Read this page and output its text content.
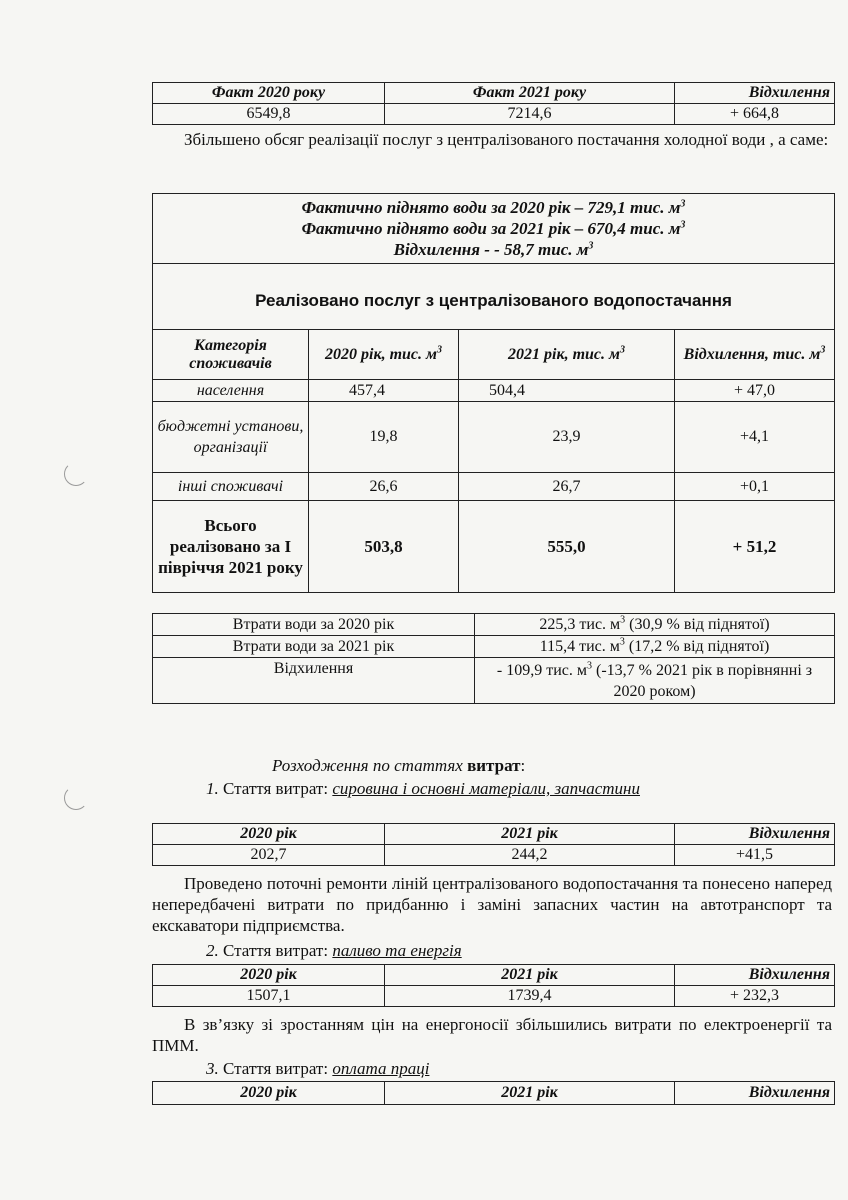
Факт 2020 року	Факт 2021 року	Відхилення
6549,8	7214,6	+ 664,8

Збільшено обсяг реалізації послуг з централізованого постачання холодної води , а саме:

Фактично піднято води за 2020 рік – 729,1 тис. $м^3$
Фактично піднято води за 2021 рік – 670,4 тис. $м^3$
Відхилення - - 58,7 тис. $м^3$

Реалізовано послуг з централізованого водопостачання			
Категорія споживачів	2020 рік, тис. $м^3$	2021 рік, тис. $м^3$	Відхилення, тис. $м^3$
населення	457,4	504,4	+ 47,0
бюджетні установи, організації	19,8	23,9	+4,1
інші споживачі	26,6	26,7	+0,1
Всього реалізовано за І півріччя 2021 року	503,8	555,0	+ 51,2
Втрати води за 2020 рік	225,3 тис. $м^3$ (30,9 % від піднятої)
Втрати води за 2021 рік	115,4 тис. $м^3$ (17,2 % від піднятої)
Відхилення	- 109,9 тис. $м^3$ (-13,7 % 2021 рік в порівнянні з 2020 роком)

Розходження по статтях витрат:

1. Стаття витрат: сировина і основні матеріали, запчастини

2020 рік	2021 рік	Відхилення
202,7	244,2	+41,5

Проведено поточні ремонти ліній централізованого водопостачання та понесено наперед непередбачені витрати по придбанню і заміні запасних частин на автотранспорт та екскаватори підприємства.

2. Стаття витрат: паливо та енергія

2020 рік	2021 рік	Відхилення
1507,1	1739,4	+ 232,3

В зв’язку зі зростанням цін на енергоносії збільшились витрати по електроенергії та ПММ.

3. Стаття витрат: оплата праці

2020 рік	2021 рік	Відхилення
